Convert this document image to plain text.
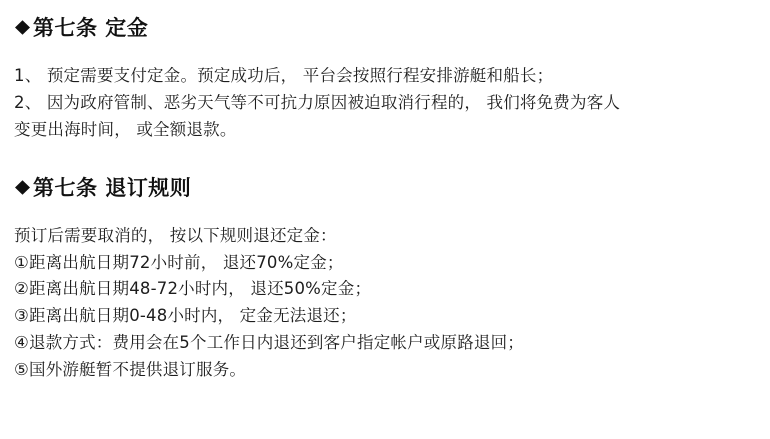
第七条 定金

1、 预定需要支付定金。预定成功后， 平台会按照行程安排游艇和船长；

2、 因为政府管制、恶劣天气等不可抗力原因被迫取消行程的， 我们将免费为客人

变更出海时间， 或全额退款。

第七条 退订规则

预订后需要取消的， 按以下规则退还定金：

①距离出航日期72小时前， 退还70%定金；

②距离出航日期48-72小时内， 退还50%定金；

③距离出航日期0-48小时内， 定金无法退还；

④退款方式：费用会在5个工作日内退还到客户指定帐户或原路退回；

⑤国外游艇暂不提供退订服务。
